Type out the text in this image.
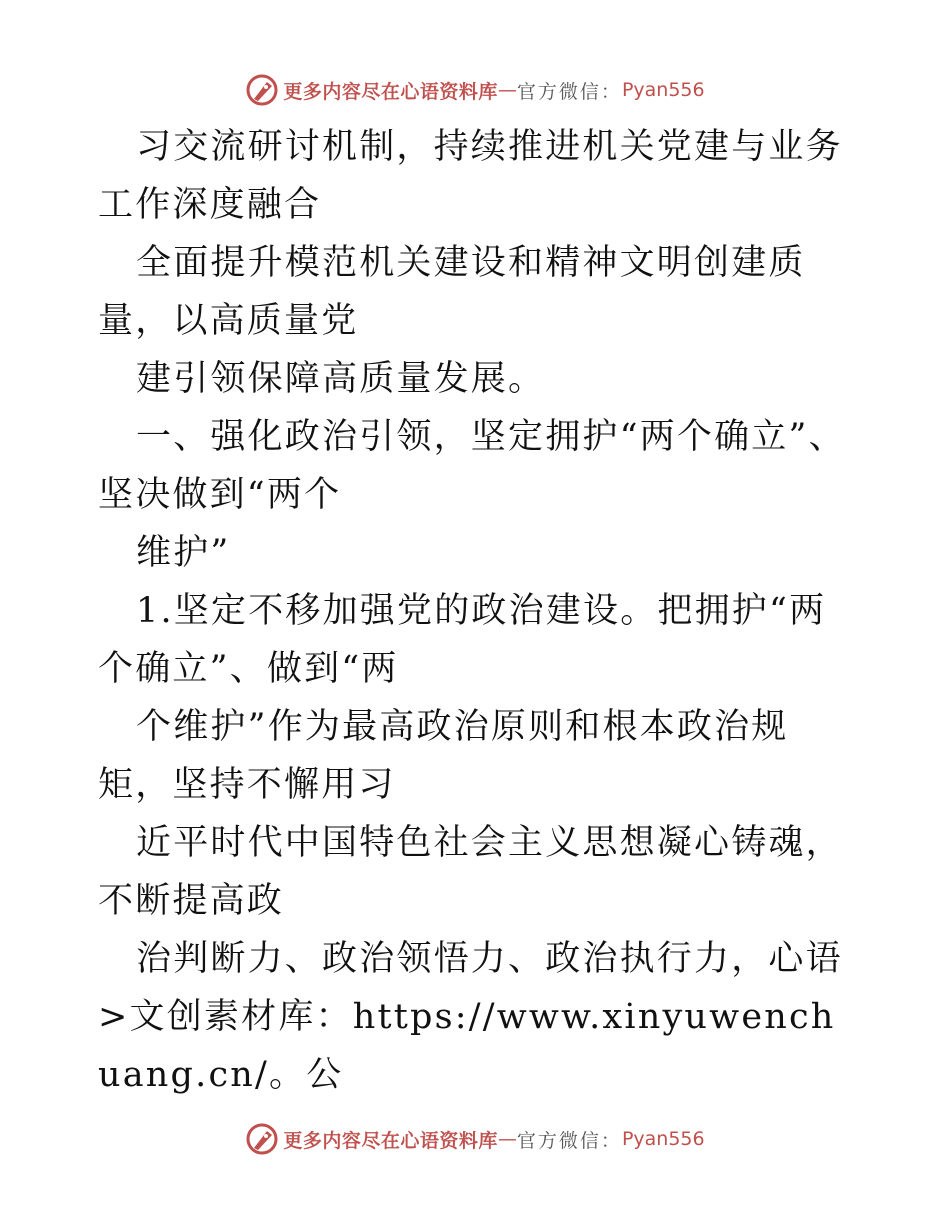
更多内容尽在心语资料库 — 官方微信： Pyan556

习交流研讨机制，持续推进机关党建与业务工作深度融合

全面提升模范机关建设和精神文明创建质量，以高质量党

建引领保障高质量发展。

一、强化政治引领，坚定拥护“两个确立”、坚决做到“两个

维护”

1.坚定不移加强党的政治建设。把拥护“两个确立”、做到“两

个维护”作为最高政治原则和根本政治规矩，坚持不懈用习

近平时代中国特色社会主义思想凝心铸魂，不断提高政

治判断力、政治领悟力、政治执行力，心语>文创素材库：https://www.xinyuwenchuang.cn/。公

更多内容尽在心语资料库 — 官方微信： Pyan556
